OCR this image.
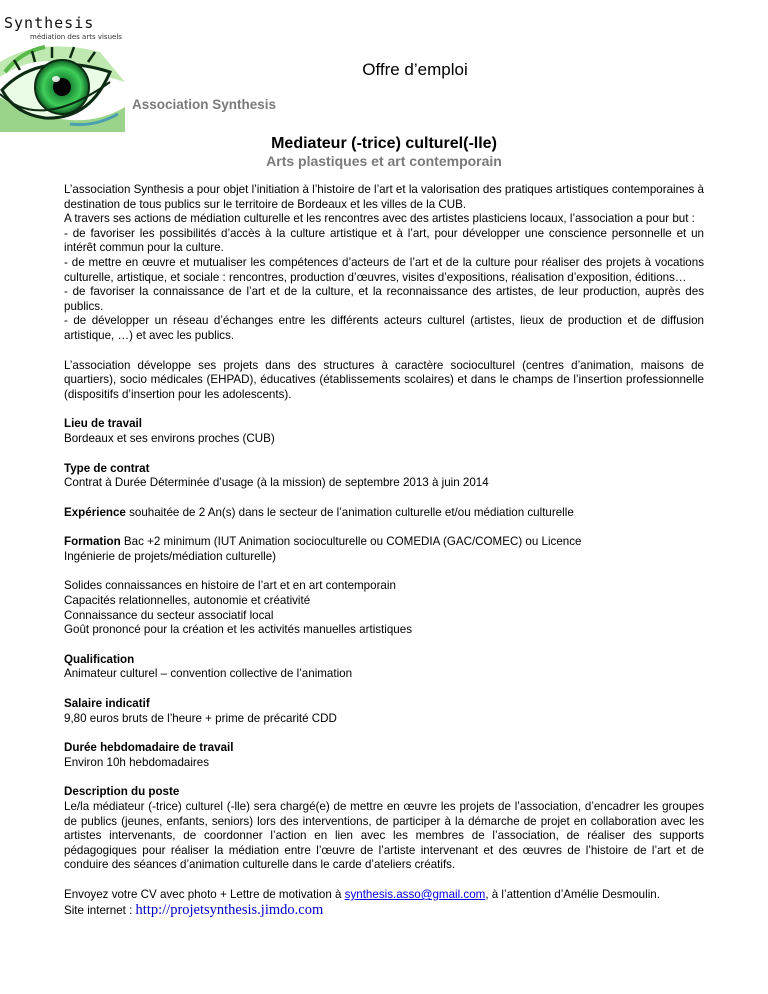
Synthesis
médiation des arts visuels
Offre d’emploi
Association Synthesis
Mediateur (-trice) culturel(-lle)
Arts plastiques et art contemporain

L’association Synthesis a pour objet l’initiation à l’histoire de l’art et la valorisation des pratiques artistiques contemporaines à destination de tous publics sur le territoire de Bordeaux et les villes de la CUB.

A travers ses actions de médiation culturelle et les rencontres avec des artistes plasticiens locaux, l’association a pour but :

- de favoriser les possibilités d’accès à la culture artistique et à l’art, pour développer une conscience personnelle et un intérêt commun pour la culture.

- de mettre en œuvre et mutualiser les compétences d’acteurs de l’art et de la culture pour réaliser des projets à vocations culturelle, artistique, et sociale : rencontres, production d’œuvres, visites d’expositions, réalisation d’exposition, éditions…

- de favoriser la connaissance de l’art et de la culture, et la reconnaissance des artistes, de leur production, auprès des publics.

- de développer un réseau d’échanges entre les différents acteurs culturel (artistes, lieux de production et de diffusion artistique, …) et avec les publics.

L’association développe ses projets dans des structures à caractère socioculturel (centres d’animation, maisons de quartiers), socio médicales (EHPAD), éducatives (établissements scolaires) et dans le champs de l’insertion professionnelle (dispositifs d’insertion pour les adolescents).

Lieu de travail

Bordeaux et ses environs proches (CUB)

Type de contrat

Contrat à Durée Déterminée d’usage (à la mission) de septembre 2013 à juin 2014

Expérience souhaitée de 2 An(s) dans le secteur de l’animation culturelle et/ou médiation culturelle

Formation Bac +2 minimum (IUT Animation socioculturelle ou COMEDIA (GAC/COMEC) ou Licence

Ingénierie de projets/médiation culturelle)

Solides connaissances en histoire de l’art et en art contemporain

Capacités relationnelles, autonomie et créativité

Connaissance du secteur associatif local

Goût prononcé pour la création et les activités manuelles artistiques

Qualification

Animateur culturel – convention collective de l’animation

Salaire indicatif

9,80 euros bruts de l’heure + prime de précarité CDD

Durée hebdomadaire de travail

Environ 10h hebdomadaires

Description du poste

Le/la médiateur (-trice) culturel (-lle) sera chargé(e) de mettre en œuvre les projets de l’association, d’encadrer les groupes de publics (jeunes, enfants, seniors) lors des interventions, de participer à la démarche de projet en collaboration avec les artistes intervenants, de coordonner l’action en lien avec les membres de l’association, de réaliser des supports pédagogiques pour réaliser la médiation entre l’œuvre de l’artiste intervenant et des œuvres de l’histoire de l’art et de conduire des séances d’animation culturelle dans le carde d’ateliers créatifs.

Envoyez votre CV avec photo + Lettre de motivation à synthesis.asso@gmail.com, à l’attention d’Amélie Desmoulin.

Site internet : http://projetsynthesis.jimdo.com
